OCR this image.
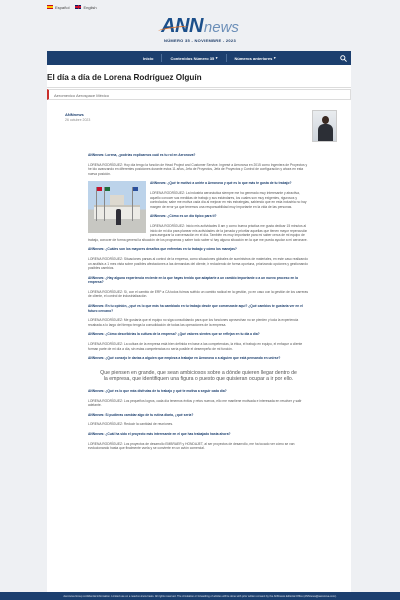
Español	English
ANN news
NÚMERO 35 - NOVIEMBRE - 2023
Inicio	Contenidos Número 35 ▾	Números anteriores ▾
El día a día de Lorena Rodríguez Olguín
Aeromexico Aerospace México
ANNnews
26 octubre 2023

ANNnews: Lorena, ¿podrías explicarnos cuál es tu rol en Aeronova?

LORENA RODRÍGUEZ: Hoy día tengo la función de Head Project and Customer Service. Ingresé a Aeronova en 2015 como Ingeniera de Proyectos y he ido avanzando en diferentes posiciones durante estos 11 años, Jefa de Proyectos, Jefa de Proyectos y Control de configuración y ahora en esta nueva posición.

ANNnews: ¿Qué te motivó a unirte a Aeronova y qué es lo que más te gusta de tu trabajo?

LORENA RODRÍGUEZ: La industria aeronáutica siempre me ha generado muy interesante y atractiva, aquello conocer sus medidas de trabajo y sus estándares, los cuales son muy exigentes, rigurosos y controlados; sabe me motiva cada día al mejorar en mis estrategias, sabiendo que en esta industria no hay margen de error ya que tenemos una responsabilidad muy importante en la vida de las personas.

ANNnews: ¿Cómo es un día típico para ti?

LORENA RODRÍGUEZ: Inicio mis actividades 8 am y como buena práctica me gusta dedicar 15 minutos al inicio de mi día para planear mis actividades de la jornada y prioritar aquellas que tienen mayor repercusión para asegurar la conversación en el día. También es muy importante para mí saber cerca de mi equipo de trabajo, conocer de forma general la situación de los programas y saber todo saber si hay alguna situación en la que me pueda ayudar a mi aeronave.

ANNnews: ¿Cuáles son los mayores desafíos que enfrentas en tu trabajo y cómo los manejas?

LORENA RODRÍGUEZ: Situaciones parsas al control de la empresa, como situaciones globales de suministros de materiales, en este caso realizando un análisis a 1 mes vista sobre posibles afectaciones a las demandas del cliente, ir reduciendo de forma oportuna, priorizando opciones y gestionando posibles cambios.

ANNnews: ¿Hay alguna experiencia reciente en la que hayas tenido que adaptarte a un cambio importante o a un nuevo proceso en la empresa?

LORENA RODRÍGUEZ: Sí, con el cambio de ERP a CA todos fuimos sufrido un cambio radical en la gestión, yo en caso con la gestión de los carreras de cliente, el control de industrialización.

ANNnews: En tu opinión, ¿qué es lo que más ha cambiado en tu trabajo desde que comenzaste aquí? ¿Qué cambios te gustaría ver en el futuro cercano?

LORENA RODRÍGUEZ: Me gustaría que el equipo no siga consolidando para que los funciones aprovechan no se pierden y toda la experiencia recabada a lo largo del tiempo tenga la consolidación de todas las operaciones de la empresa.

ANNnews: ¿Cómo describirías la cultura de la empresa? ¿Qué valores sientes que se reflejan en tu día a día?

LORENA RODRÍGUEZ: La cultura de la empresa está bien definida en base a las competencias, la ética, el trabajo en equipo, el enfoque a cliente forman parte de mi día a día, sin estas competencias no sería posible el desempeño de mi función.

ANNnews: ¿Qué consejo le darías a alguien que empieza a trabajar en Aeronova o a alguien que está pensando en unirse?

Que piensen en grande, que sean ambiciosos sobre a dónde quieren llegar dentro de la empresa, que identifiquen una figura o puesto que quisieran ocupar a ir por ello.

ANNnews: ¿Qué es lo que más disfrutas de tu trabajo y qué te motiva a seguir cada día?

LORENA RODRÍGUEZ: Los pequeños logros, cada día tenemos éxitos y retos nuevos, ello me mantiene motivada e interesada en resolver y salir adelante.

ANNnews: Si pudieras cambiar algo de tu rutina diaria, ¿qué sería?

LORENA RODRÍGUEZ: Reducir la cantidad de reuniones.

ANNnews: ¿Cuál ha sido el proyecto más interesante en el que has trabajado hasta ahora?

LORENA RODRÍGUEZ: Los proyectos de desarrollo EMBRAER y HONDAJET, al ser proyectos de desarrollo, me ha tocado ver cómo se van evolucionando hasta que finalmente vuela y se convierte en un avión comercial.

Aeronova Group confidential information. Limited use on a need-to-know basis. All rights reserved. The circulation or forwarding of articles will be done with prior written consent by the ANNnews Editorial Office (ANNnews@aeronova.com).
